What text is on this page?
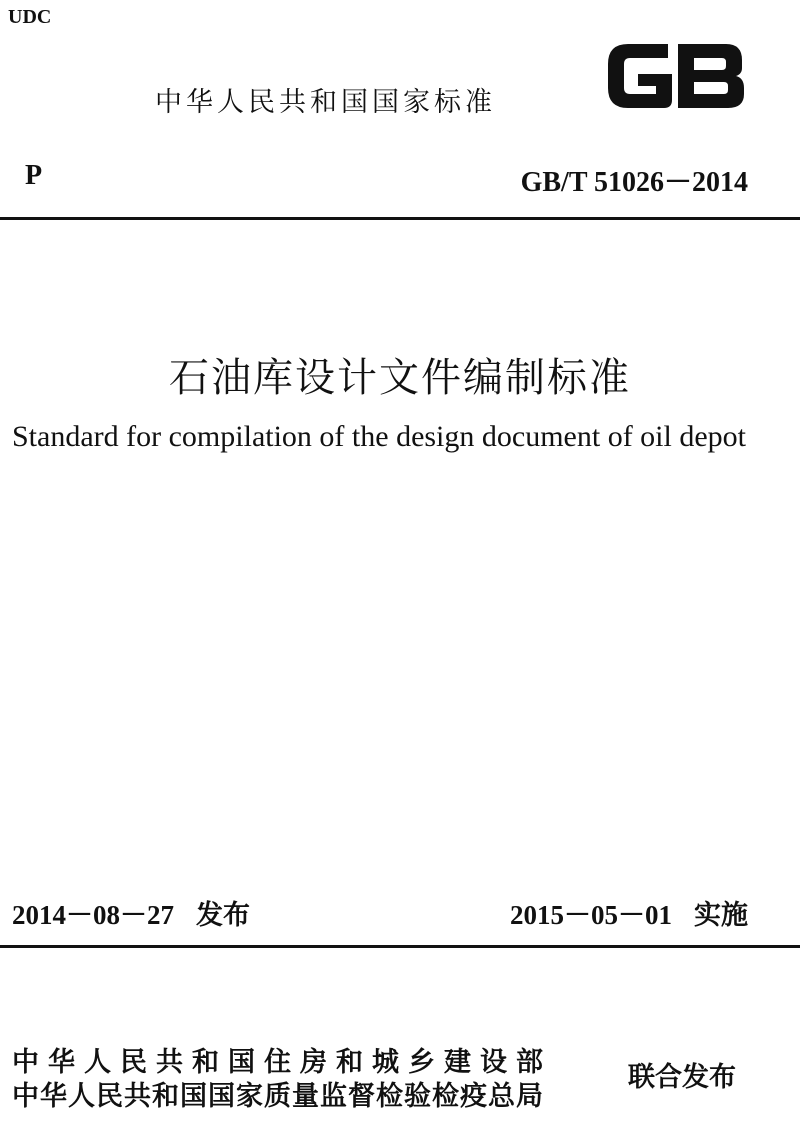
UDC
中华人民共和国国家标准
GB
P	GB/T 51026－2014
石油库设计文件编制标准
Standard for compilation of the design document of oil depot
2014－08－27 发布	2015－05－01 实施
中华人民共和国住房和城乡建设部
中华人民共和国国家质量监督检验检疫总局
联合发布
